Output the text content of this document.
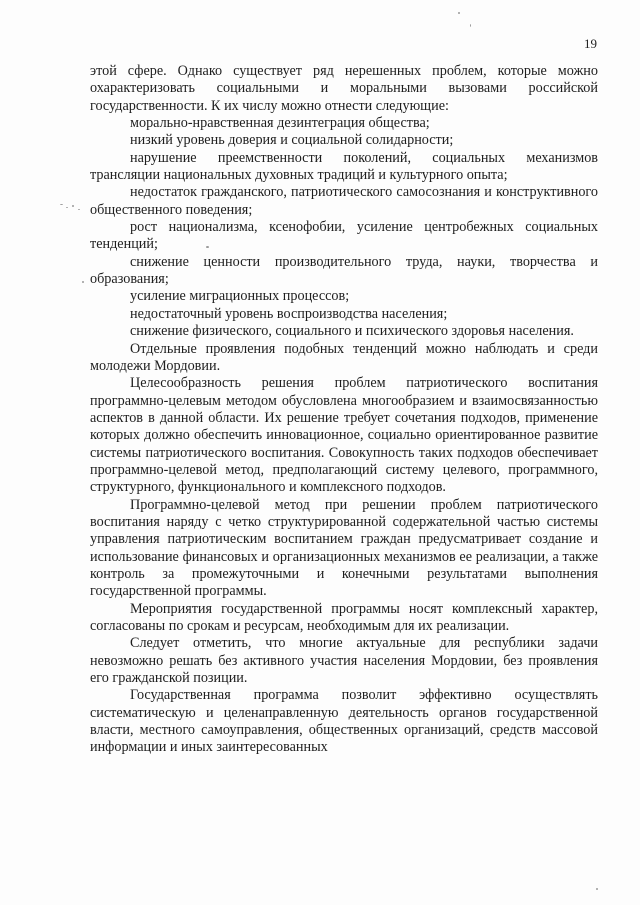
19

этой сфере. Однако существует ряд нерешенных проблем, которые можно охарактеризовать социальными и моральными вызовами российской государственности. К их числу можно отнести следующие:

морально-нравственная дезинтеграция общества;

низкий уровень доверия и социальной солидарности;

нарушение преемственности поколений, социальных механизмов трансляции национальных духовных традиций и культурного опыта;

недостаток гражданского, патриотического самосознания и конструктивного общественного поведения;

рост национализма, ксенофобии, усиление центробежных социальных тенденций;

снижение ценности производительного труда, науки, творчества и образования;

усиление миграционных процессов;

недостаточный уровень воспроизводства населения;

снижение физического, социального и психического здоровья населения.

Отдельные проявления подобных тенденций можно наблюдать и среди молодежи Мордовии.

Целесообразность решения проблем патриотического воспитания программно-целевым методом обусловлена многообразием и взаимосвязанностью аспектов в данной области. Их решение требует сочетания подходов, применение которых должно обеспечить инновационное, социально ориентированное развитие системы патриотического воспитания. Совокупность таких подходов обеспечивает программно-целевой метод, предполагающий систему целевого, программного, структурного, функционального и комплексного подходов.

Программно-целевой метод при решении проблем патриотического воспитания наряду с четко структурированной содержательной частью системы управления патриотическим воспитанием граждан предусматривает создание и использование финансовых и организационных механизмов ее реализации, а также контроль за промежуточными и конечными результатами выполнения государственной программы.

Мероприятия государственной программы носят комплексный характер, согласованы по срокам и ресурсам, необходимым для их реализации.

Следует отметить, что многие актуальные для республики задачи невозможно решать без активного участия населения Мордовии, без проявления его гражданской позиции.

Государственная программа позволит эффективно осуществлять систематическую и целенаправленную деятельность органов государственной власти, местного самоуправления, общественных организаций, средств массовой информации и иных заинтересованных
